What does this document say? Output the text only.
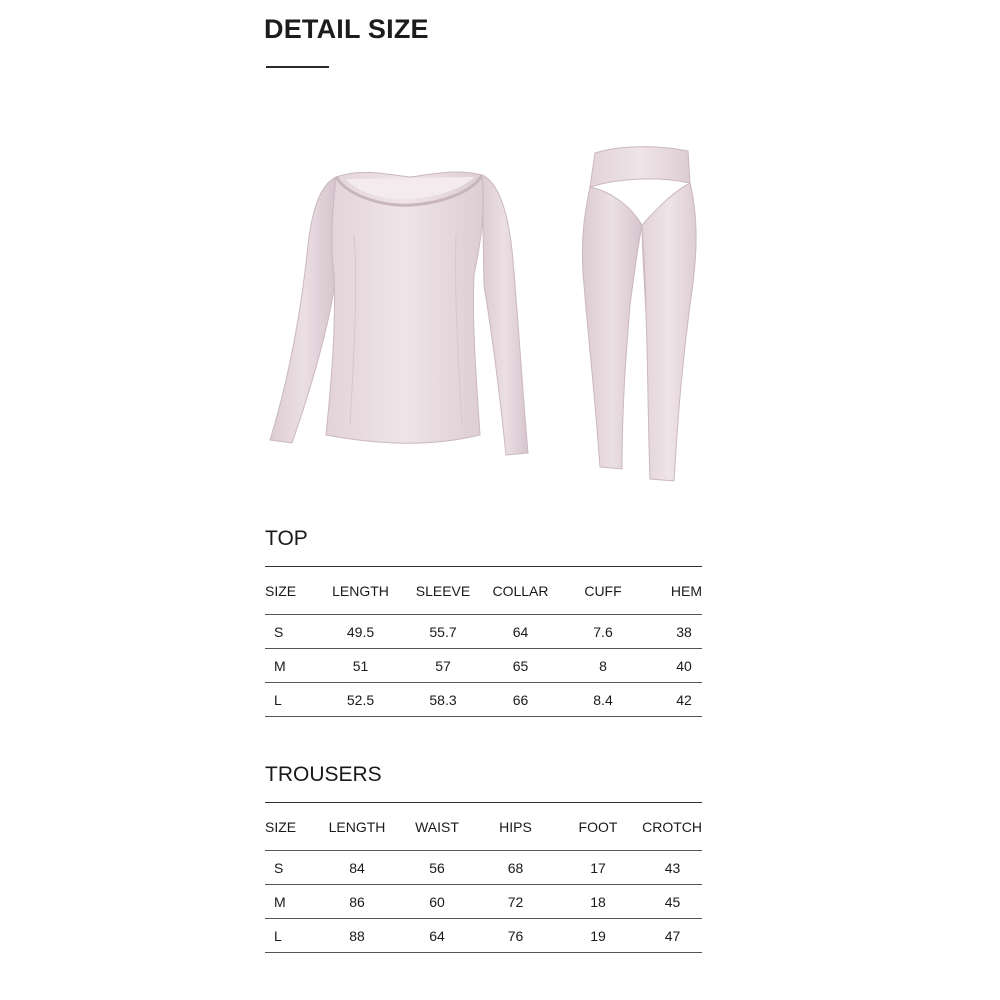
DETAIL SIZE
TOP
SIZE	LENGTH	SLEEVE	COLLAR	CUFF	HEM
S	49.5	55.7	64	7.6	38
M	51	57	65	8	40
L	52.5	58.3	66	8.4	42
TROUSERS
SIZE	LENGTH	WAIST	HIPS	FOOT	CROTCH
S	84	56	68	17	43
M	86	60	72	18	45
L	88	64	76	19	47
